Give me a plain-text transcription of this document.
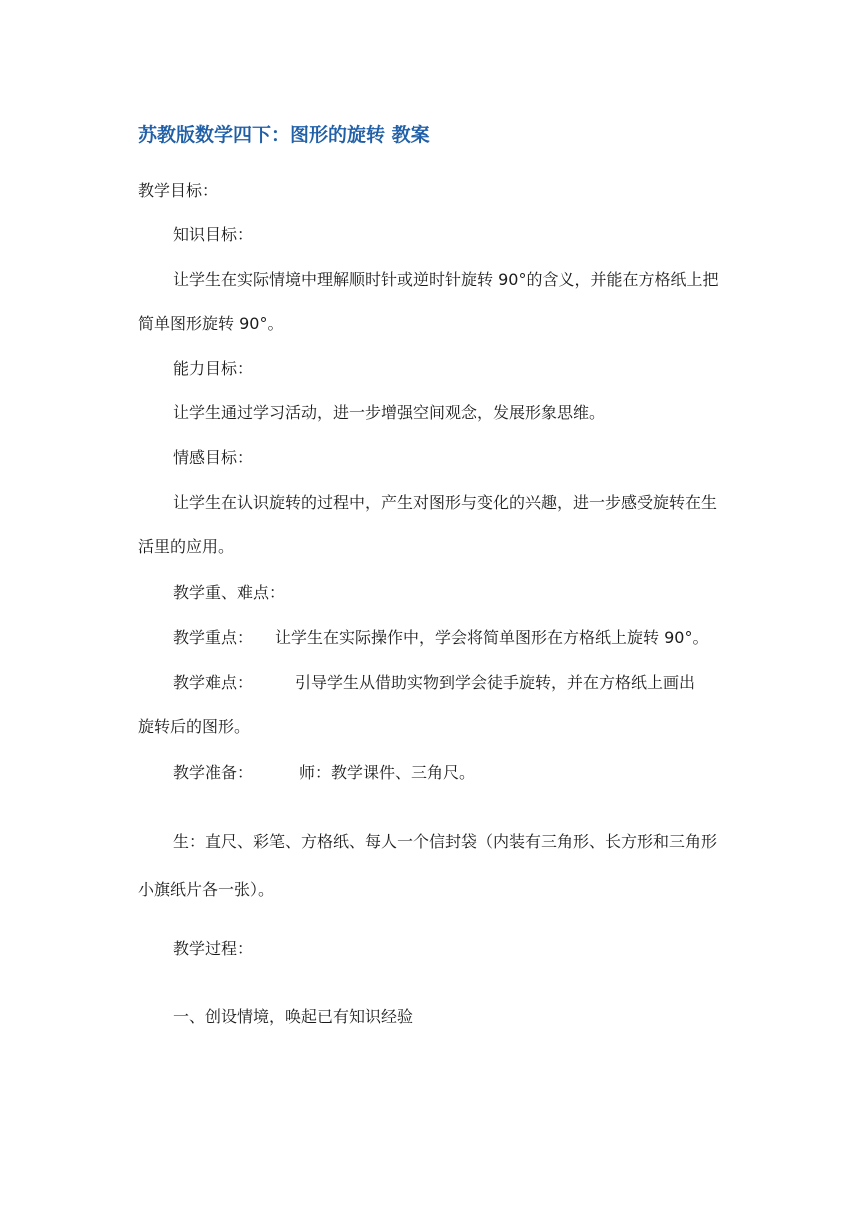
苏教版数学四下：图形的旋转 教案

教学目标：

知识目标：

让学生在实际情境中理解顺时针或逆时针旋转 90°的含义，并能在方格纸上把简单图形旋转 90°。

能力目标：

让学生通过学习活动，进一步增强空间观念，发展形象思维。

情感目标：

让学生在认识旋转的过程中，产生对图形与变化的兴趣，进一步感受旋转在生活里的应用。

教学重、难点：

教学重点： 让学生在实际操作中，学会将简单图形在方格纸上旋转 90°。

教学难点：	引导学生从借助实物到学会徒手旋转，并在方格纸上画出

旋转后的图形。

教学准备：	师：教学课件、三角尺。

生：直尺、彩笔、方格纸、每人一个信封袋（内装有三角形、长方形和三角形小旗纸片各一张）。

教学过程：

一、创设情境，唤起已有知识经验
